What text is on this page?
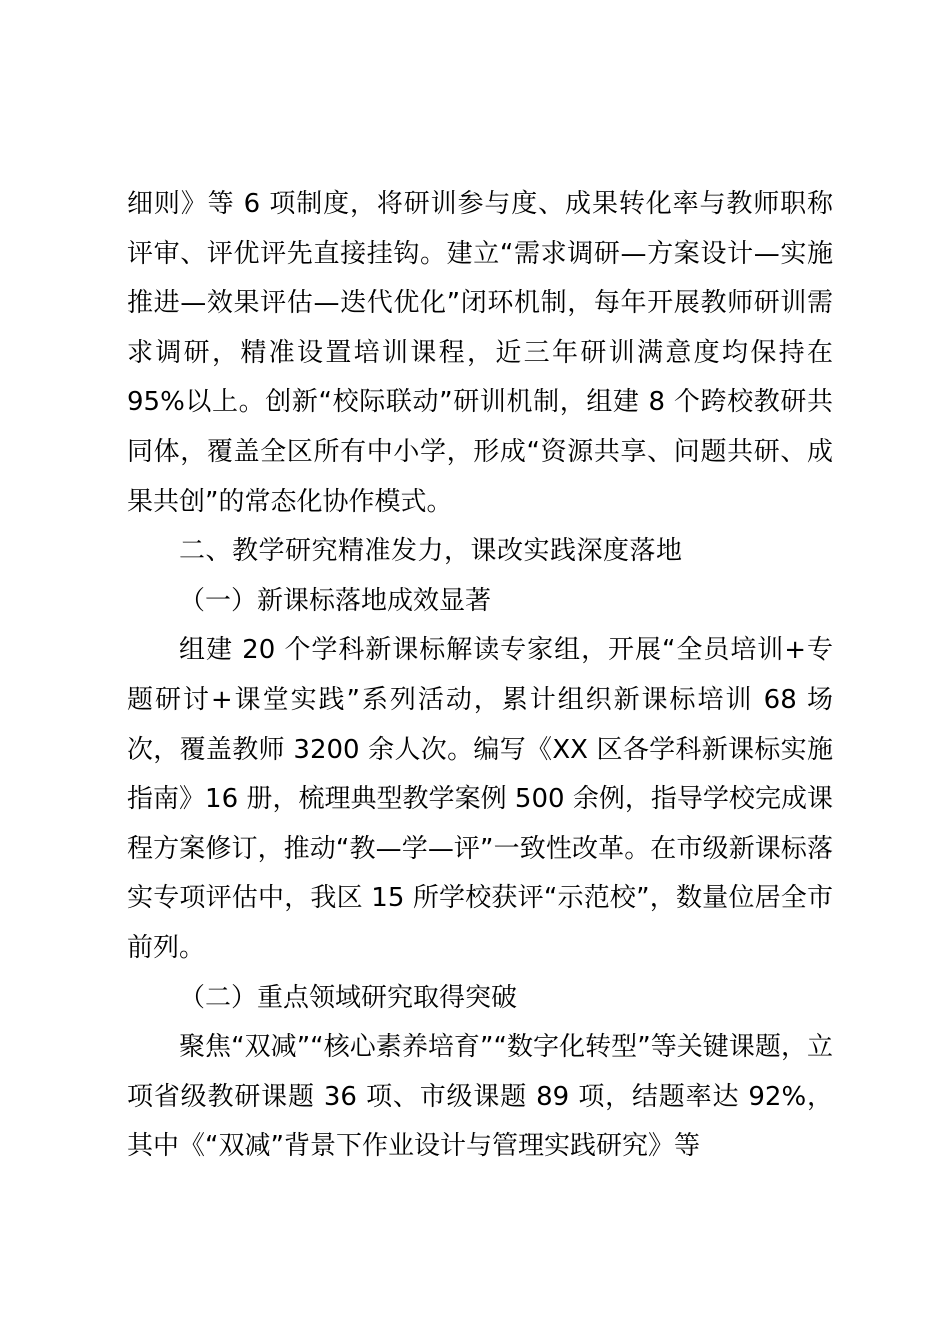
细则》等 6 项制度，将研训参与度、成果转化率与教师职称评审、评优评先直接挂钩。建立“需求调研—方案设计—实施推进—效果评估—迭代优化”闭环机制，每年开展教师研训需求调研，精准设置培训课程，近三年研训满意度均保持在 95%以上。创新“校际联动”研训机制，组建 8 个跨校教研共同体，覆盖全区所有中小学，形成“资源共享、问题共研、成果共创”的常态化协作模式。

二、教学研究精准发力，课改实践深度落地

（一）新课标落地成效显著

组建 20 个学科新课标解读专家组，开展“全员培训+专题研讨+课堂实践”系列活动，累计组织新课标培训 68 场次，覆盖教师 3200 余人次。编写《XX 区各学科新课标实施指南》16 册，梳理典型教学案例 500 余例，指导学校完成课程方案修订，推动“教—学—评”一致性改革。在市级新课标落实专项评估中，我区 15 所学校获评“示范校”，数量位居全市前列。

（二）重点领域研究取得突破

聚焦“双减”“核心素养培育”“数字化转型”等关键课题，立项省级教研课题 36 项、市级课题 89 项，结题率达 92%，其中《“双减”背景下作业设计与管理实践研究》等
